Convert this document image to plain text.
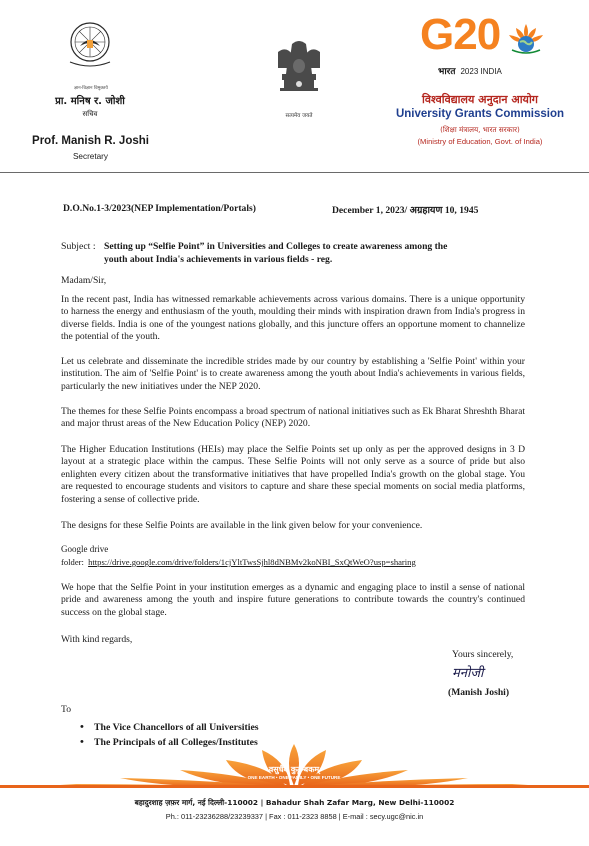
ज्ञान-विज्ञान विमुक्तये
प्रा. मनिष र. जोशी
सचिव
Prof. Manish R. Joshi
Secretary
सत्यमेव जयते
G20
भारत 2023 INDIA
विश्वविद्यालय अनुदान आयोग
University Grants Commission
(शिक्षा मंत्रालय, भारत सरकार)
(Ministry of Education, Govt. of India)
D.O.No.1-3/2023(NEP Implementation/Portals)	December 1, 2023/ अग्रहायण 10, 1945
Subject : Setting up “Selfie Point” in Universities and Colleges to create awareness among the
youth about India's achievements in various fields - reg.
Madam/Sir,
In the recent past, India has witnessed remarkable achievements across various domains. There is a unique opportunity to harness the energy and enthusiasm of the youth, moulding their minds with inspiration drawn from India's progress in diverse fields. India is one of the youngest nations globally, and this juncture offers an opportune moment to channelize the potential of the youth.
Let us celebrate and disseminate the incredible strides made by our country by establishing a 'Selfie Point' within your institution. The aim of 'Selfie Point' is to create awareness among the youth about India's achievements in various fields, particularly the new initiatives under the NEP 2020.
The themes for these Selfie Points encompass a broad spectrum of national initiatives such as Ek Bharat Shreshth Bharat and major thrust areas of the New Education Policy (NEP) 2020.
The Higher Education Institutions (HEIs) may place the Selfie Points set up only as per the approved designs in 3 D layout at a strategic place within the campus. These Selfie Points will not only serve as a source of pride but also enlighten every citizen about the transformative initiatives that have propelled India's growth on the global stage. You are requested to encourage students and visitors to capture and share these special moments on social media platforms, fostering a sense of collective pride.
The designs for these Selfie Points are available in the link given below for your convenience.
Google drive
folder: https://drive.google.com/drive/folders/1cjYltTwsSjhl8dNBMv2koNBI_SxQtWeO?usp=sharing
We hope that the Selfie Point in your institution emerges as a dynamic and engaging place to instil a sense of national pride and awareness among the youth and inspire future generations to contribute towards the country's continued success on the global stage.
With kind regards,
Yours sincerely,
मनोजी
(Manish Joshi)
To
• The Vice Chancellors of all Universities
• The Principals of all Colleges/Institutes
वसुधैव कुटुम्बकम्
ONE EARTH • ONE FAMILY • ONE FUTURE
बहादुरशाह ज़फ़र मार्ग, नई दिल्ली-110002 | Bahadur Shah Zafar Marg, New Delhi-110002
Ph.: 011-23236288/23239337 | Fax : 011-2323 8858 | E-mail : secy.ugc@nic.in
